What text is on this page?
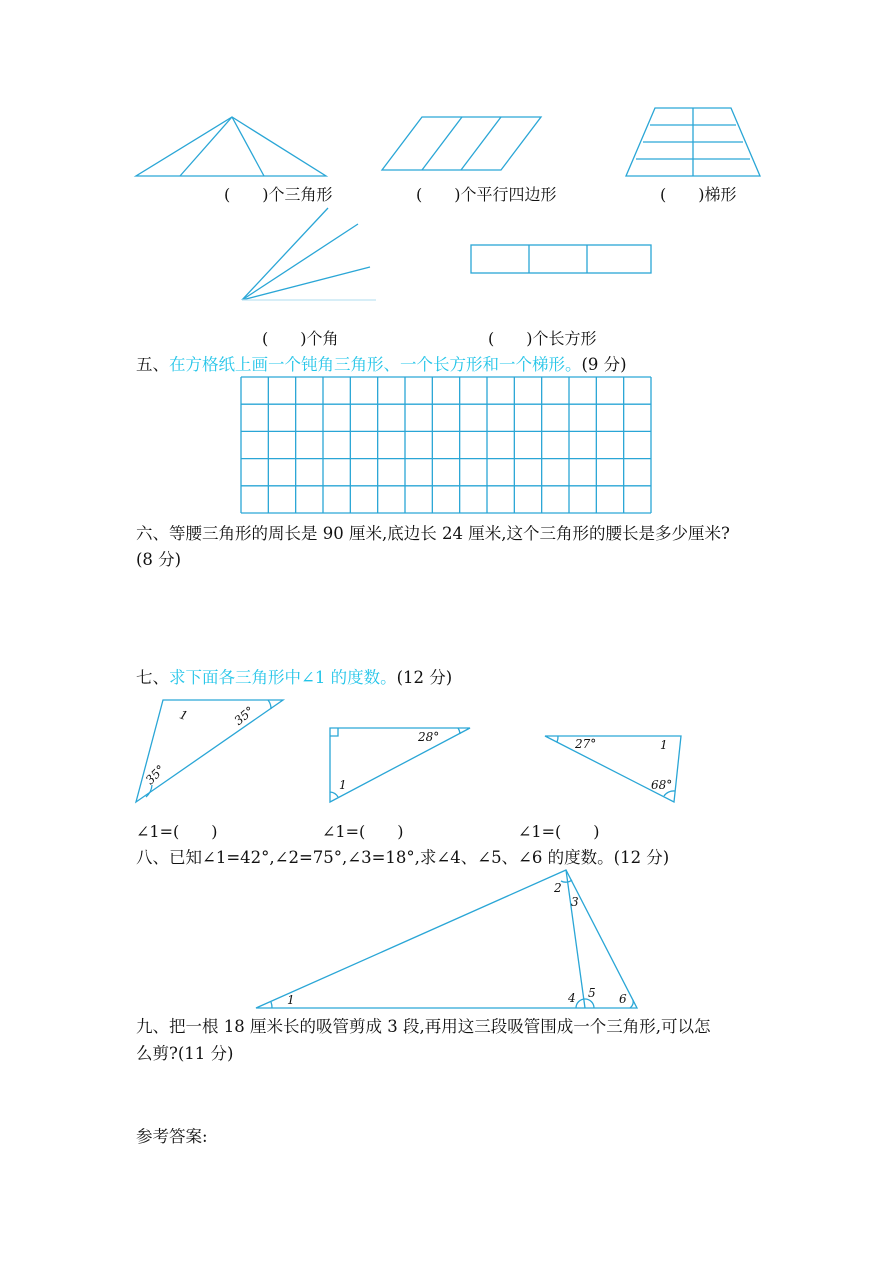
1	35°
35°
28°
1
27°	1
68°
1
2
3
4 5 6
(　　)个三角形	(　　)个平行四边形	(　　)梯形
(　　)个角	(　　)个长方形
五、在方格纸上画一个钝角三角形、一个长方形和一个梯形。(9 分)
六、等腰三角形的周长是 90 厘米,底边长 24 厘米,这个三角形的腰长是多少厘米?
(8 分)
七、求下面各三角形中∠1 的度数。(12 分)
∠1=(　　)	∠1=(　　)	∠1=(　　)
八、已知∠1=42°,∠2=75°,∠3=18°,求∠4、∠5、∠6 的度数。(12 分)
九、把一根 18 厘米长的吸管剪成 3 段,再用这三段吸管围成一个三角形,可以怎
么剪?(11 分)
参考答案:
